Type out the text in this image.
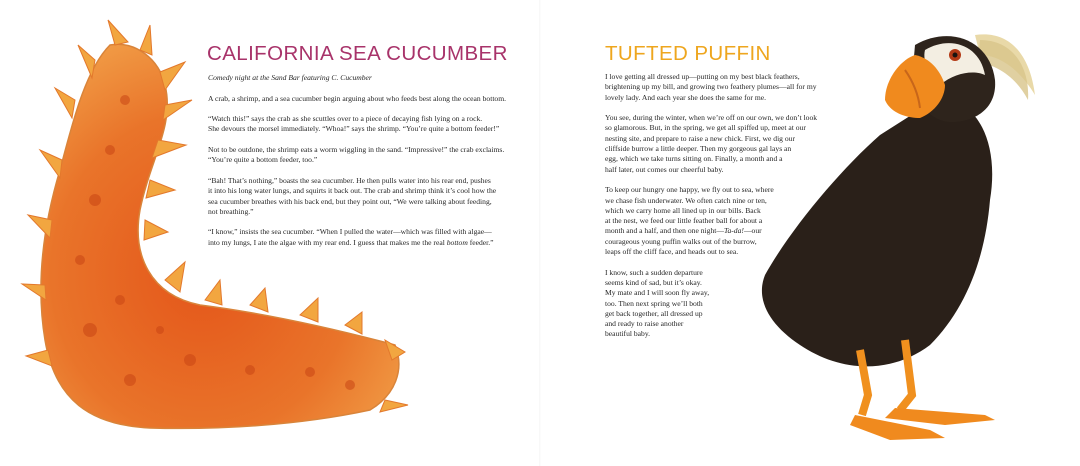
CALIFORNIA SEA CUCUMBER

Comedy night at the Sand Bar featuring C. Cucumber

A crab, a shrimp, and a sea cucumber begin arguing about who feeds best along the ocean bottom.

“Watch this!” says the crab as she scuttles over to a piece of decaying fish lying on a rock.
She devours the morsel immediately. “Whoa!” says the shrimp. “You’re quite a bottom feeder!”

Not to be outdone, the shrimp eats a worm wiggling in the sand. “Impressive!” the crab exclaims.
“You’re quite a bottom feeder, too.”

“Bah! That’s nothing,” boasts the sea cucumber. He then pulls water into his rear end, pushes
it into his long water lungs, and squirts it back out. The crab and shrimp think it’s cool how the
sea cucumber breathes with his back end, but they point out, “We were talking about feeding,
not breathing.”

“I know,” insists the sea cucumber. “When I pulled the water—which was filled with algae—
into my lungs, I ate the algae with my rear end. I guess that makes me the real bottom feeder.”

TUFTED PUFFIN

I love getting all dressed up—putting on my best black feathers,
brightening up my bill, and growing two feathery plumes—all for my
lovely lady. And each year she does the same for me.

You see, during the winter, when we’re off on our own, we don’t look
so glamorous. But, in the spring, we get all spiffed up, meet at our
nesting site, and prepare to raise a new chick. First, we dig our
cliffside burrow a little deeper. Then my gorgeous gal lays an
egg, which we take turns sitting on. Finally, a month and a
half later, out comes our cheerful baby.

To keep our hungry one happy, we fly out to sea, where
we chase fish underwater. We often catch nine or ten,
which we carry home all lined up in our bills. Back
at the nest, we feed our little feather ball for about a
month and a half, and then one night—Ta-da!—our
courageous young puffin walks out of the burrow,
leaps off the cliff face, and heads out to sea.

I know, such a sudden departure
seems kind of sad, but it’s okay.
My mate and I will soon fly away,
too. Then next spring we’ll both
get back together, all dressed up
and ready to raise another
beautiful baby.
